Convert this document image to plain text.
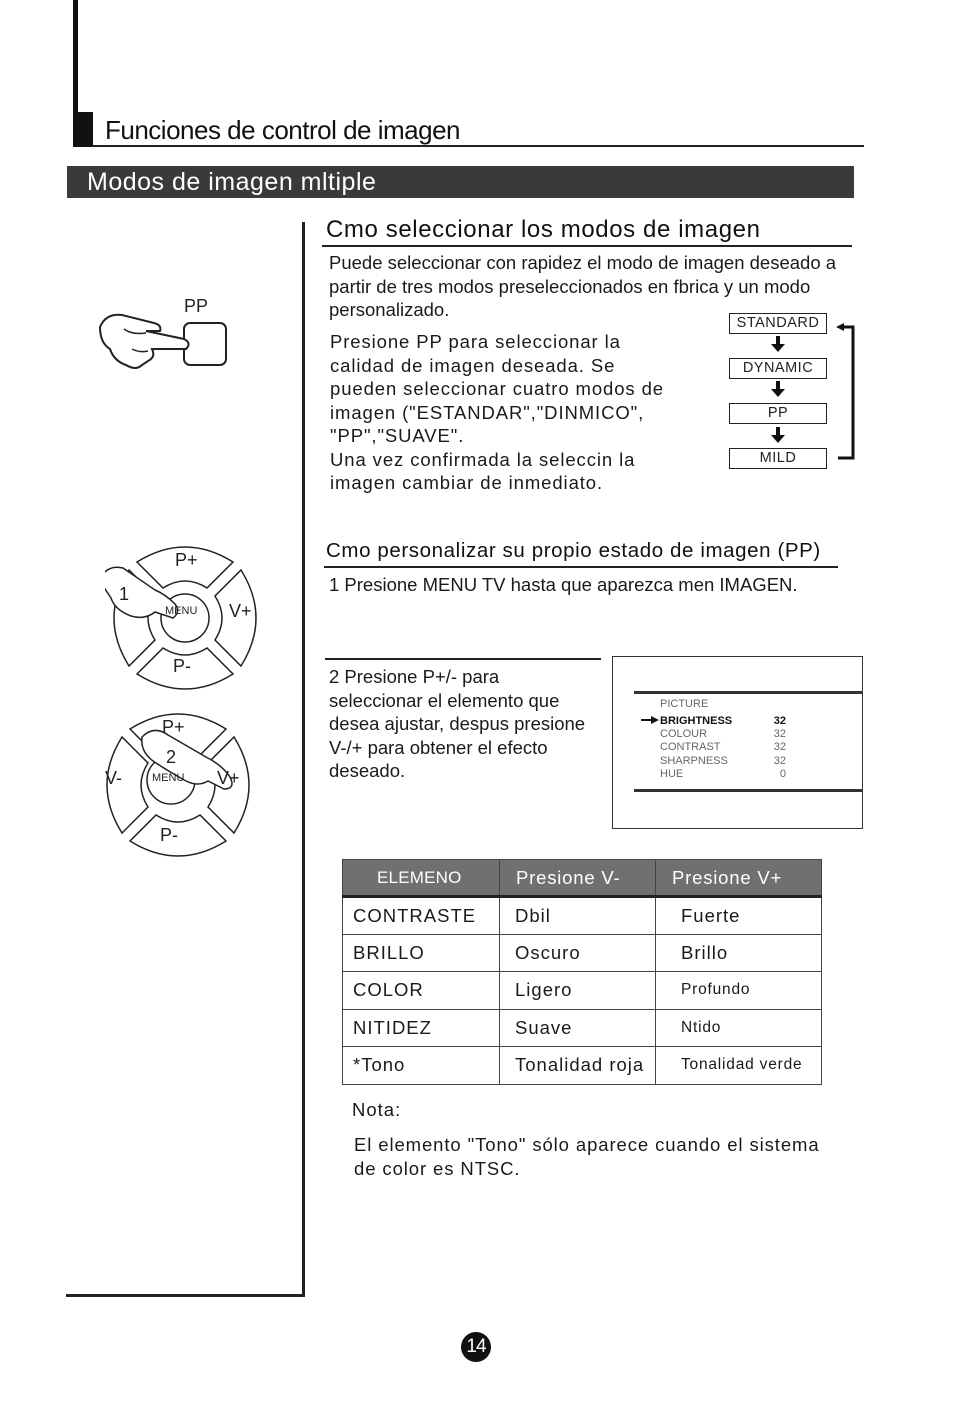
Funciones de control de imagen
Modos de imagen mltiple
Cmo seleccionar los modos de imagen
Puede seleccionar con rapidez el modo de imagen deseado a partir de tres modos preseleccionados en fbrica y un modo personalizado.
Presione PP para seleccionar la
calidad de imagen deseada. Se
pueden seleccionar cuatro modos de
imagen ("ESTANDAR","DINMICO",
"PP","SUAVE".
Una vez confirmada la seleccin la
imagen cambiar de inmediato.
PP
STANDARD
DYNAMIC
PP
MILD
Cmo personalizar su propio estado de imagen (PP)
1 Presione MENU TV hasta que aparezca men IMAGEN.
2 Presione P+/- para
seleccionar el elemento que
desea ajustar, despus presione
V-/+ para obtener el efecto
deseado.
P+
P-
V+
MENU
1
P+
P-
V+
V-	MENU
2
PICTURE
BRIGHTNESS	32
COLOUR	32
CONTRAST	32
SHARPNESS	32
HUE	0
ELEMENO	Presione V-	Presione V+
CONTRASTE	Dbil	Fuerte
BRILLO	Oscuro	Brillo
COLOR	Ligero	Profundo
NITIDEZ	Suave	Ntido
*Tono	Tonalidad roja	Tonalidad verde
Nota:
El elemento "Tono" sólo aparece cuando el sistema
de color es NTSC.
14
